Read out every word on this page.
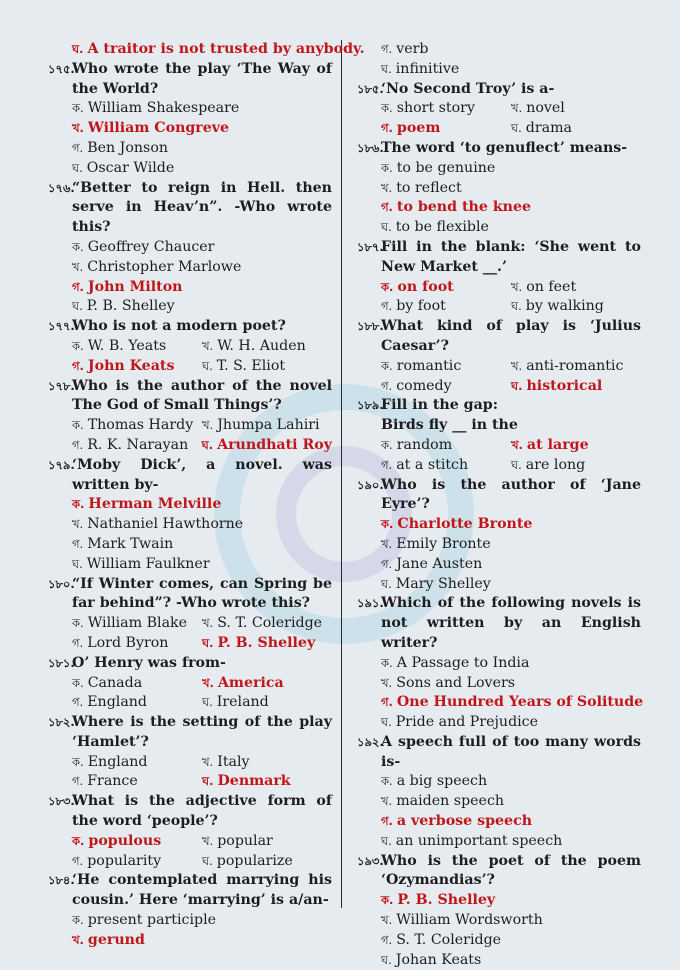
ঘ. A traitor is not trusted by anybody.
১৭৫.
Who wrote the play ‘The Way of the World?
ক. William Shakespeare
খ. William Congreve
গ. Ben Jonson
ঘ. Oscar Wilde
১৭৬.
“Better to reign in Hell. then serve in Heav’n”. -Who wrote this?
ক. Geoffrey Chaucer
খ. Christopher Marlowe
গ. John Milton
ঘ. P. B. Shelley
১৭৭.
Who is not a modern poet?
ক. W. B. Yeats	খ. W. H. Auden
গ. John Keats	ঘ. T. S. Eliot
১৭৮.
Who is the author of the novel The God of Small Things’?
ক. Thomas Hardy খ. Jhumpa Lahiri
গ. R. K. Narayan	ঘ. Arundhati Roy
১৭৯.
‘Moby Dick’, a novel. was written by-
ক. Herman Melville
খ. Nathaniel Hawthorne
গ. Mark Twain
ঘ. William Faulkner
১৮০.
“If Winter comes, can Spring be far behind”? -Who wrote this?
ক. William Blake	খ. S. T. Coleridge
গ. Lord Byron	ঘ. P. B. Shelley
১৮১.
O’ Henry was from-
ক. Canada	খ. America
গ. England	ঘ. Ireland
১৮২.
Where is the setting of the play ‘Hamlet’?
ক. England	খ. Italy
গ. France	ঘ. Denmark
১৮৩.
What is the adjective form of the word ‘people’?
ক. populous	খ. popular
গ. popularity	ঘ. popularize
১৮৪.
‘He contemplated marrying his cousin.’ Here ‘marrying’ is a/an-
ক. present participle
খ. gerund
গ. verb
ঘ. infinitive
১৮৫.
‘No Second Troy’ is a-
ক. short story	খ. novel
গ. poem	ঘ. drama
১৮৬.
The word ‘to genuflect’ means-
ক. to be genuine
খ. to reflect
গ. to bend the knee
ঘ. to be flexible
১৮৭.
Fill in the blank: ‘She went to New Market __.’
ক. on foot	খ. on feet
গ. by foot	ঘ. by walking
১৮৮.
What kind of play is ‘Julius Caesar’?
ক. romantic	খ. anti-romantic
গ. comedy	ঘ. historical
১৮৯.
Fill in the gap:
Birds fly __ in the
ক. random	খ. at large
গ. at a stitch	ঘ. are long
১৯০.
Who is the author of ‘Jane Eyre’?
ক. Charlotte Bronte
খ. Emily Bronte
গ. Jane Austen
ঘ. Mary Shelley
১৯১.
Which of the following novels is not written by an English writer?
ক. A Passage to India
খ. Sons and Lovers
গ. One Hundred Years of Solitude
ঘ. Pride and Prejudice
১৯২.
A speech full of too many words is-
ক. a big speech
খ. maiden speech
গ. a verbose speech
ঘ. an unimportant speech
১৯৩.
Who is the poet of the poem ‘Ozymandias’?
ক. P. B. Shelley
খ. William Wordsworth
গ. S. T. Coleridge
ঘ. Johan Keats
